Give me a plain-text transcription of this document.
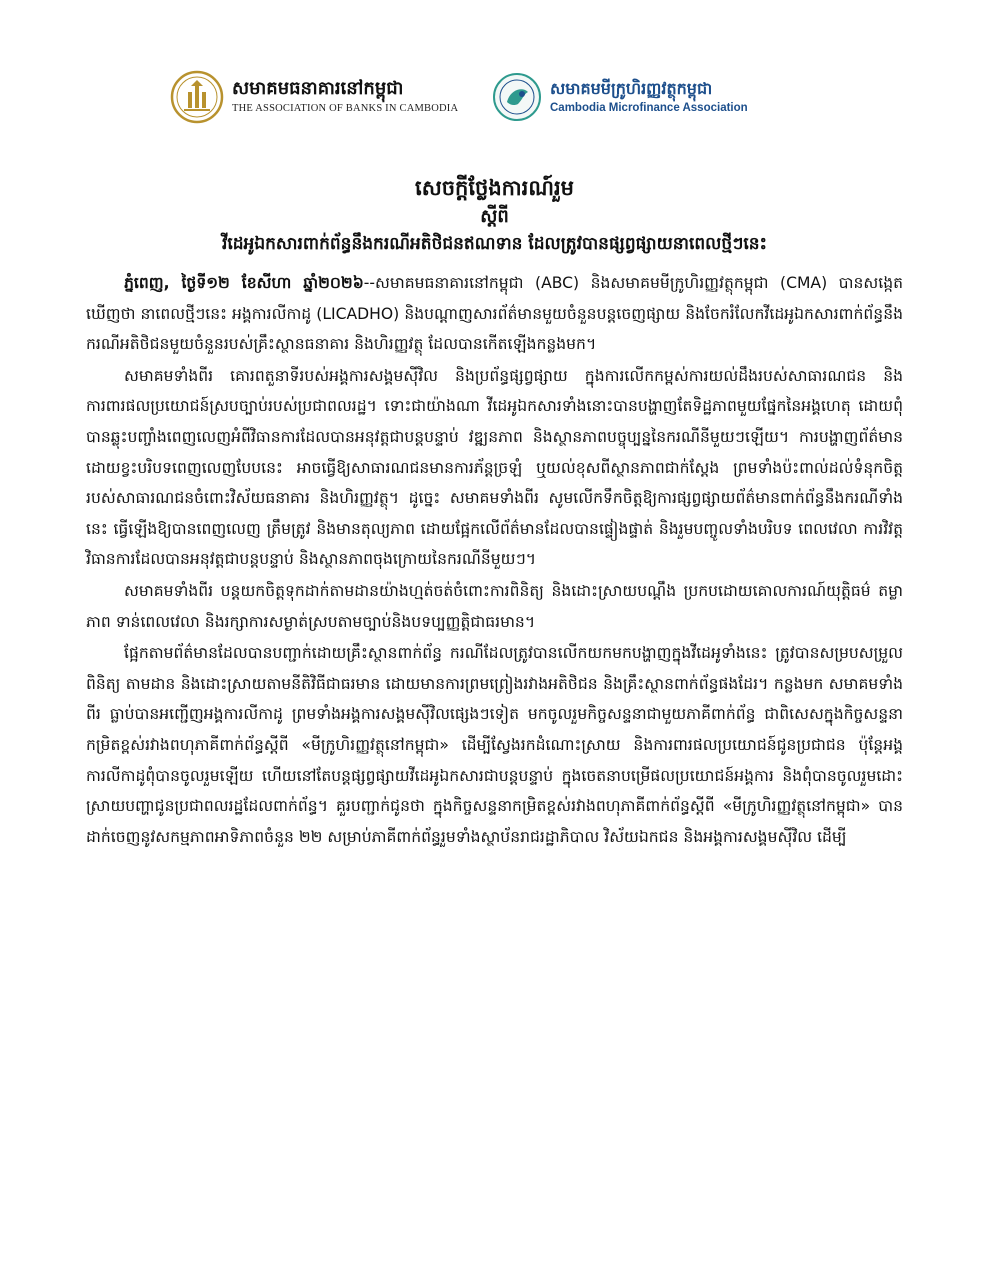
សមាគមធនាគារនៅកម្ពុជា
THE ASSOCIATION OF BANKS IN CAMBODIA
សមាគមមីក្រូហិរញ្ញវត្ថុកម្ពុជា
Cambodia Microfinance Association
សេចក្តីថ្លែងការណ៍រួម
ស្តីពី
វីដេអូឯកសារពាក់ព័ន្ធនឹងករណីអតិថិជនឥណទាន ដែលត្រូវបានផ្សព្វផ្សាយនាពេលថ្មីៗនេះ

ភ្នំពេញ, ថ្ងៃទី១២ ខែសីហា ឆ្នាំ២០២៦--សមាគមធនាគារនៅកម្ពុជា (ABC) និងសមាគមមីក្រូហិរញ្ញវត្ថុកម្ពុជា (CMA) បានសង្កេតឃើញថា នាពេលថ្មីៗនេះ អង្គការលីកាដូ (LICADHO) និងបណ្តាញសារព័ត៌មានមួយចំនួនបន្តចេញផ្សាយ និងចែករំលែកវីដេអូឯកសារពាក់ព័ន្ធនឹងករណីអតិថិជនមួយចំនួនរបស់គ្រឹះស្ថានធនាគារ និងហិរញ្ញវត្ថុ ដែលបានកើតឡើងកន្លងមក។

សមាគមទាំងពីរ គោរពតួនាទីរបស់អង្គការសង្គមស៊ីវិល និងប្រព័ន្ធផ្សព្វផ្សាយ ក្នុងការលើកកម្ពស់ការយល់ដឹងរបស់សាធារណជន និងការពារផលប្រយោជន៍ស្របច្បាប់របស់ប្រជាពលរដ្ឋ។ ទោះជាយ៉ាងណា វីដេអូឯកសារទាំងនោះបានបង្ហាញតែទិដ្ឋភាពមួយផ្នែកនៃអង្គហេតុ ដោយពុំបានឆ្លុះបញ្ចាំងពេញលេញអំពីវិធានការដែលបានអនុវត្តជាបន្តបន្ទាប់ វឌ្ឍនភាព និងស្ថានភាពបច្ចុប្បន្ននៃករណីនីមួយៗឡើយ។ ការបង្ហាញព័ត៌មានដោយខ្វះបរិបទពេញលេញបែបនេះ អាចធ្វើឱ្យសាធារណជនមានការភ័ន្តច្រឡំ ឬយល់ខុសពីស្ថានភាពជាក់ស្តែង ព្រមទាំងប៉ះពាល់ដល់ទំនុកចិត្តរបស់សាធារណជនចំពោះវិស័យធនាគារ និងហិរញ្ញវត្ថុ។ ដូច្នេះ សមាគមទាំងពីរ សូមលើកទឹកចិត្តឱ្យការផ្សព្វផ្សាយព័ត៌មានពាក់ព័ន្ធនឹងករណីទាំងនេះ ធ្វើឡើងឱ្យបានពេញលេញ ត្រឹមត្រូវ និងមានតុល្យភាព ដោយផ្អែកលើព័ត៌មានដែលបានផ្ទៀងផ្ទាត់ និងរួមបញ្ចូលទាំងបរិបទ ពេលវេលា ការវិវត្ត វិធានការដែលបានអនុវត្តជាបន្តបន្ទាប់ និងស្ថានភាពចុងក្រោយនៃករណីនីមួយៗ។

សមាគមទាំងពីរ បន្តយកចិត្តទុកដាក់តាមដានយ៉ាងហ្មត់ចត់ចំពោះការពិនិត្យ និងដោះស្រាយបណ្តឹង ប្រកបដោយគោលការណ៍យុត្តិធម៌ តម្លាភាព ទាន់ពេលវេលា និងរក្សាការសម្ងាត់ស្របតាមច្បាប់និងបទប្បញ្ញត្តិជាធរមាន។

ផ្អែកតាមព័ត៌មានដែលបានបញ្ជាក់ដោយគ្រឹះស្ថានពាក់ព័ន្ធ ករណីដែលត្រូវបានលើកយកមកបង្ហាញក្នុងវីដេអូទាំងនេះ ត្រូវបានសម្របសម្រួល ពិនិត្យ តាមដាន និងដោះស្រាយតាមនីតិវិធីជាធរមាន ដោយមានការព្រមព្រៀងរវាងអតិថិជន និងគ្រឹះស្ថានពាក់ព័ន្ធផងដែរ។ កន្លងមក សមាគមទាំងពីរ ធ្លាប់បានអញ្ជើញអង្គការលីកាដូ ព្រមទាំងអង្គការសង្គមស៊ីវិលផ្សេងៗទៀត មកចូលរួមកិច្ចសន្ទនាជាមួយភាគីពាក់ព័ន្ធ ជាពិសេសក្នុងកិច្ចសន្ទនាកម្រិតខ្ពស់រវាងពហុភាគីពាក់ព័ន្ធស្តីពី «មីក្រូហិរញ្ញវត្ថុនៅកម្ពុជា» ដើម្បីស្វែងរកដំណោះស្រាយ និងការពារផលប្រយោជន៍ជូនប្រជាជន ប៉ុន្តែអង្គការលីកាដូពុំបានចូលរួមឡើយ ហើយនៅតែបន្តផ្សព្វផ្សាយវីដេអូឯកសារជាបន្តបន្ទាប់ ក្នុងចេតនាបម្រើផលប្រយោជន៍អង្គការ និងពុំបានចូលរួមដោះស្រាយបញ្ហាជូនប្រជាពលរដ្ឋដែលពាក់ព័ន្ធ។ គួរបញ្ជាក់ជូនថា ក្នុងកិច្ចសន្ទនាកម្រិតខ្ពស់រវាងពហុភាគីពាក់ព័ន្ធស្តីពី «មីក្រូហិរញ្ញវត្ថុនៅកម្ពុជា» បានដាក់ចេញនូវសកម្មភាពអាទិភាពចំនួន ២២ សម្រាប់ភាគីពាក់ព័ន្ធរួមទាំងស្ថាប័នរាជរដ្ឋាភិបាល វិស័យឯកជន និងអង្គការសង្គមស៊ីវិល ដើម្បី
